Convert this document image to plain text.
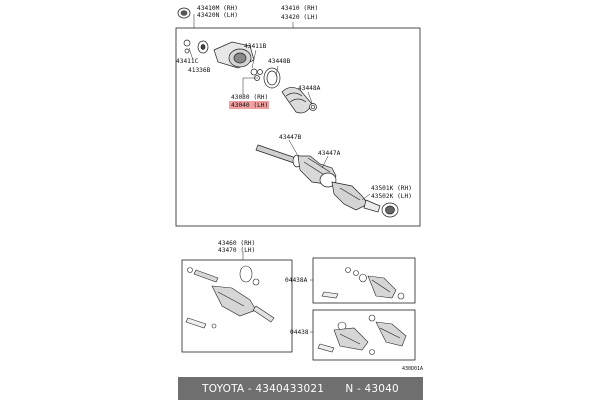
43410M (RH)
43420N (LH)
43410 (RH)
43420 (LH)
43411B
43411C
41336B
43448B
43448A
43030 (RH)
43040 (LH)
43447B
43447A
43501K (RH)
43502K (LH)
43460 (RH)
43470 (LH)
04438A
04438
430D01A
TOYOTA - 4340433021      N - 43040
